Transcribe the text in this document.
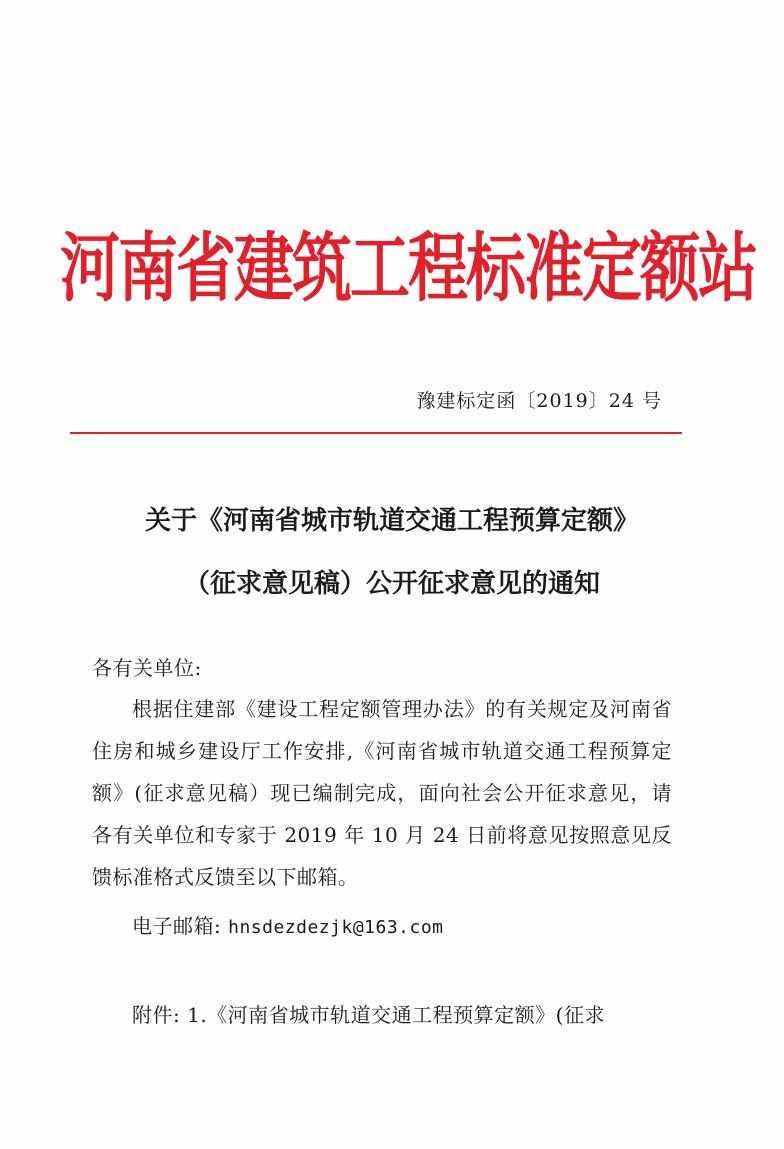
河南省建筑工程标准定额站
豫建标定函〔2019〕24 号
关于《河南省城市轨道交通工程预算定额》
（征求意见稿）公开征求意见的通知
各有关单位:
根据住建部《建设工程定额管理办法》的有关规定及河南省住房和城乡建设厅工作安排,《河南省城市轨道交通工程预算定额》(征求意见稿）现已编制完成，面向社会公开征求意见，请各有关单位和专家于 2019 年 10 月 24 日前将意见按照意见反馈标准格式反馈至以下邮箱。
电子邮箱: hnsdezdezjk@163.com
附件: 1.《河南省城市轨道交通工程预算定额》(征求
